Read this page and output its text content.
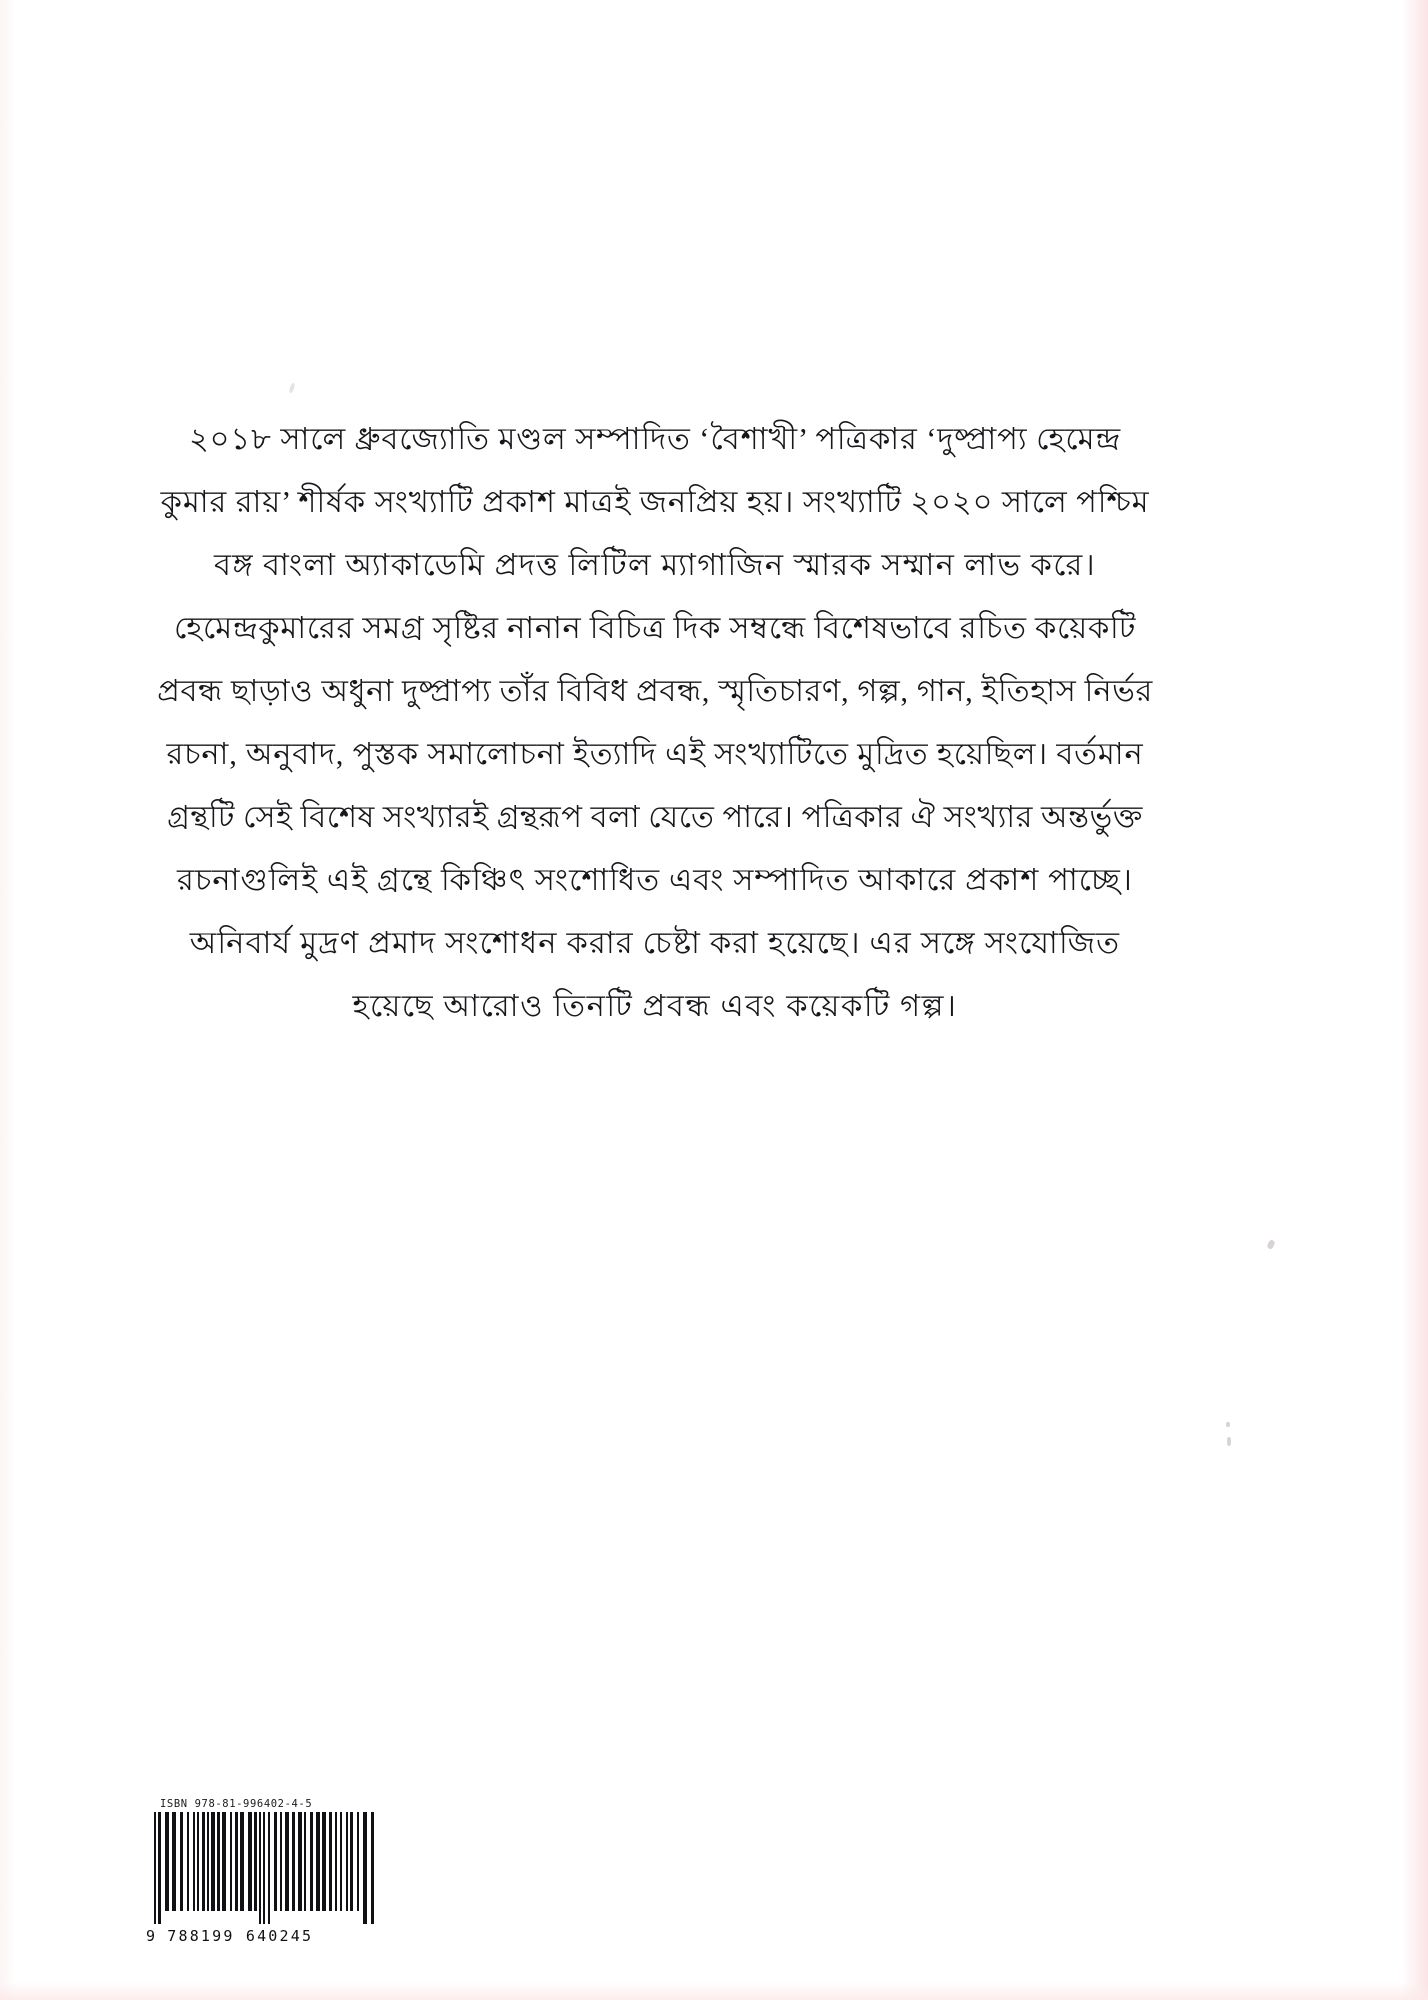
২০১৮ সালে ধ্রুবজ্যোতি মণ্ডল সম্পাদিত ‘বৈশাখী’ পত্রিকার ‘দুষ্প্রাপ্য হেমেন্দ্র
কুমার রায়’ শীর্ষক সংখ্যাটি প্রকাশ মাত্রই জনপ্রিয় হয়। সংখ্যাটি ২০২০ সালে পশ্চিম
বঙ্গ বাংলা অ্যাকাডেমি প্রদত্ত লিটিল ম্যাগাজিন স্মারক সম্মান লাভ করে।
হেমেন্দ্রকুমারের সমগ্র সৃষ্টির নানান বিচিত্র দিক সম্বন্ধে বিশেষভাবে রচিত কয়েকটি
প্রবন্ধ ছাড়াও অধুনা দুষ্প্রাপ্য তাঁর বিবিধ প্রবন্ধ, স্মৃতিচারণ, গল্প, গান, ইতিহাস নির্ভর
রচনা, অনুবাদ, পুস্তক সমালোচনা ইত্যাদি এই সংখ্যাটিতে মুদ্রিত হয়েছিল। বর্তমান
গ্রন্থটি সেই বিশেষ সংখ্যারই গ্রন্থরূপ বলা যেতে পারে। পত্রিকার ঐ সংখ্যার অন্তর্ভুক্ত
রচনাগুলিই এই গ্রন্থে কিঞ্চিৎ সংশোধিত এবং সম্পাদিত আকারে প্রকাশ পাচ্ছে।
অনিবার্য মুদ্রণ প্রমাদ সংশোধন করার চেষ্টা করা হয়েছে। এর সঙ্গে সংযোজিত
হয়েছে আরোও তিনটি প্রবন্ধ এবং কয়েকটি গল্প।
ISBN 978-81-996402-4-5
9 788199 640245
